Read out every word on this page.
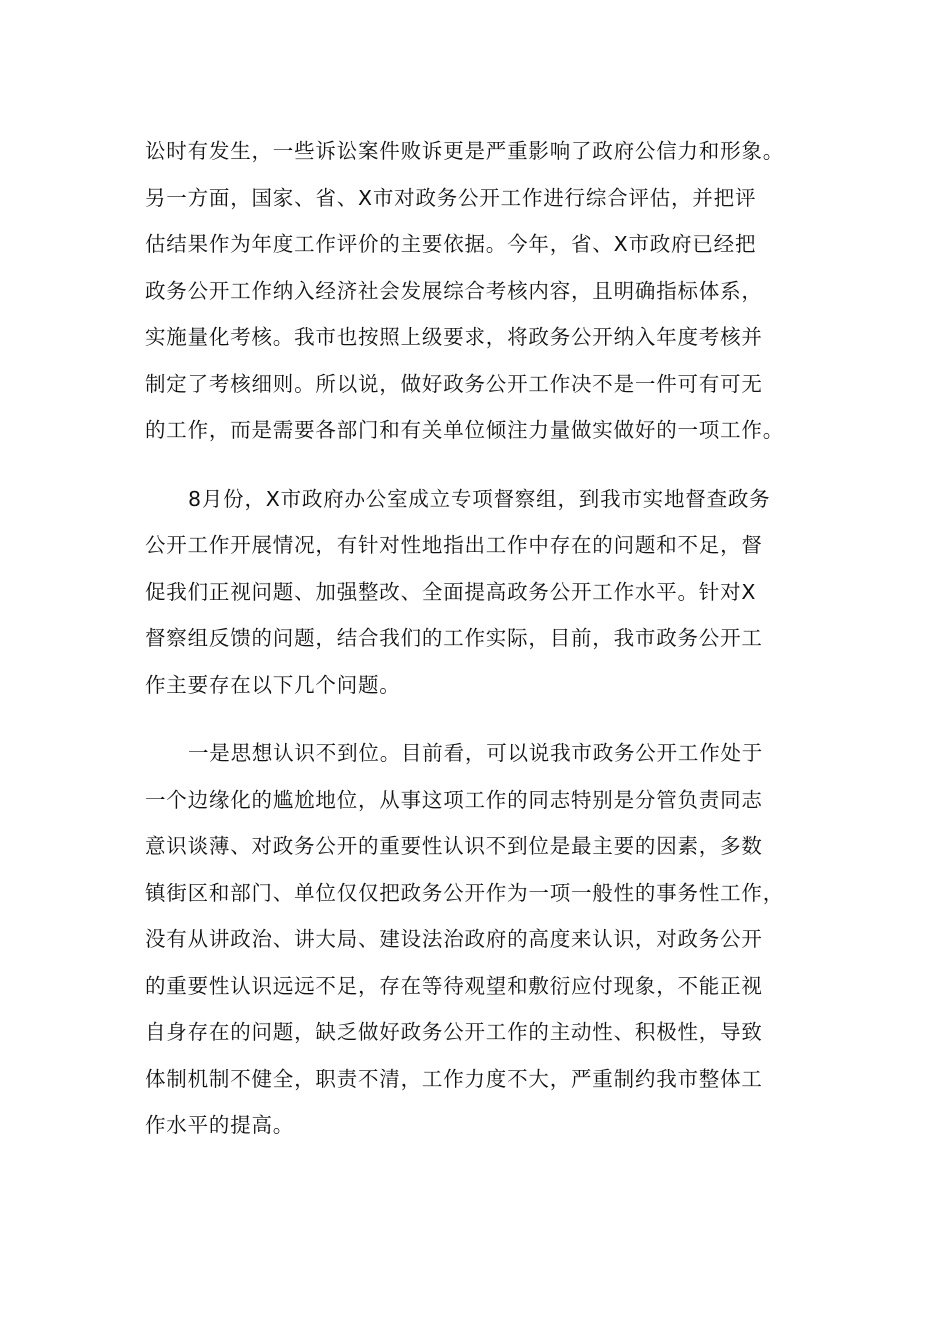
讼时有发生，一些诉讼案件败诉更是严重影响了政府公信力和形象。
另一方面，国家、省、X市对政务公开工作进行综合评估，并把评
估结果作为年度工作评价的主要依据。今年，省、X市政府已经把
政务公开工作纳入经济社会发展综合考核内容，且明确指标体系，
实施量化考核。我市也按照上级要求，将政务公开纳入年度考核并
制定了考核细则。所以说，做好政务公开工作决不是一件可有可无
的工作，而是需要各部门和有关单位倾注力量做实做好的一项工作。
8月份，X市政府办公室成立专项督察组，到我市实地督查政务
公开工作开展情况，有针对性地指出工作中存在的问题和不足，督
促我们正视问题、加强整改、全面提高政务公开工作水平。针对X
督察组反馈的问题，结合我们的工作实际，目前，我市政务公开工
作主要存在以下几个问题。
一是思想认识不到位。目前看，可以说我市政务公开工作处于
一个边缘化的尴尬地位，从事这项工作的同志特别是分管负责同志
意识谈薄、对政务公开的重要性认识不到位是最主要的因素，多数
镇街区和部门、单位仅仅把政务公开作为一项一般性的事务性工作，
没有从讲政治、讲大局、建设法治政府的高度来认识，对政务公开
的重要性认识远远不足，存在等待观望和敷衍应付现象，不能正视
自身存在的问题，缺乏做好政务公开工作的主动性、积极性，导致
体制机制不健全，职责不清，工作力度不大，严重制约我市整体工
作水平的提高。
